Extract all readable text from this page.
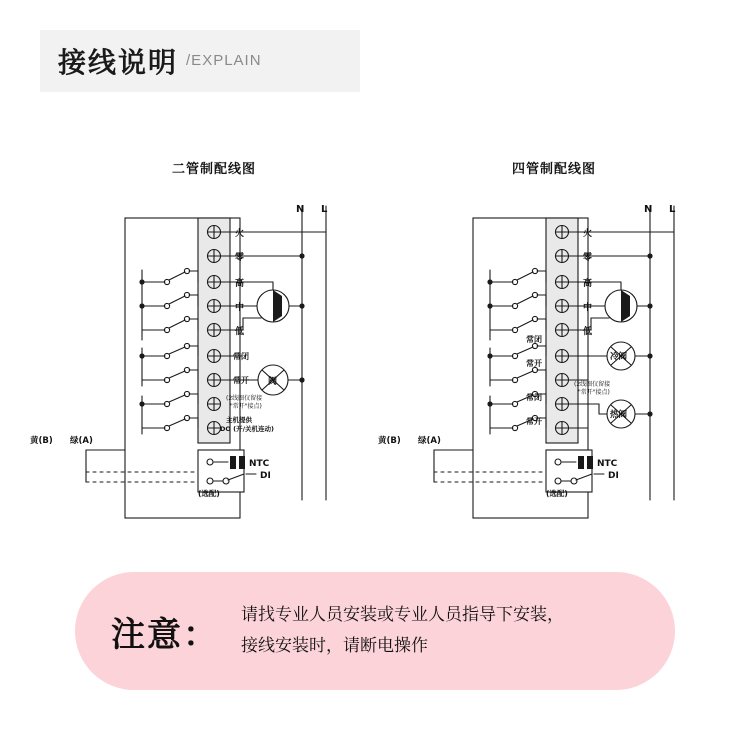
接线说明 /EXPLAIN
二管制配线图	四管制配线图
火
零
高
中
低
常闭
常开
N L
阀
(2线圈仅留接
"常开"接点)
主机提供
DO (开/关机连动)
NTC
DI
(选配)
黄(B) 绿(A)
火
零
高
中
低
常闭
常开
常闭
常开
N L
冷阀
热阀
(2线圈仅留接
"常开"接点)
NTC
DI
(选配)
黄(B) 绿(A)
注意： 请找专业人员安装或专业人员指导下安装，
接线安装时，请断电操作
